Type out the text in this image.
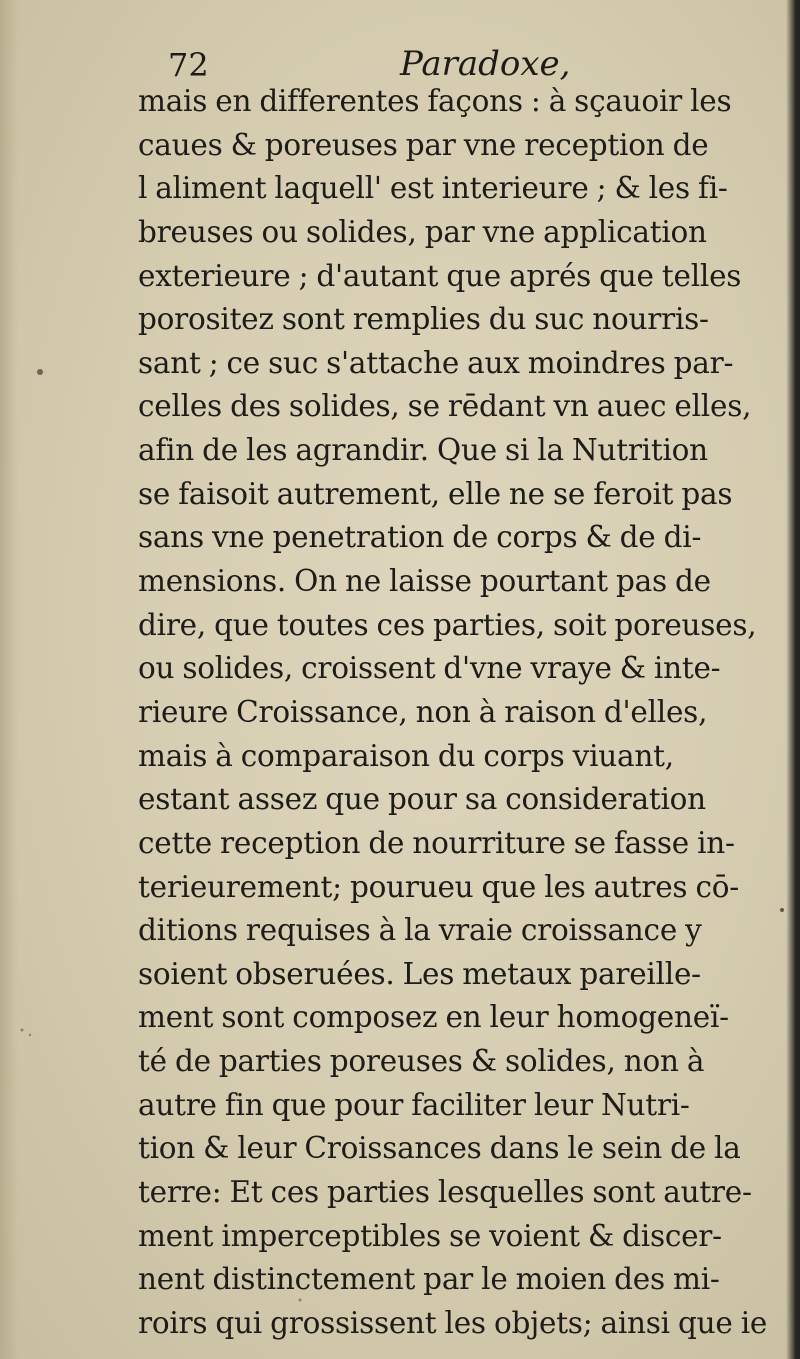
72	Paradoxe,
mais en differentes façons : à sçauoir les
caues & poreuses par vne reception de
l aliment laquell' est interieure ; & les fi-
breuses ou solides, par vne application
exterieure ; d'autant que aprés que telles
porositez sont remplies du suc nourris-
sant ; ce suc s'attache aux moindres par-
celles des solides, se rēdant vn auec elles,
afin de les agrandir. Que si la Nutrition
se faisoit autrement, elle ne se feroit pas
sans vne penetration de corps & de di-
mensions. On ne laisse pourtant pas de
dire, que toutes ces parties, soit poreuses,
ou solides, croissent d'vne vraye & inte-
rieure Croissance, non à raison d'elles,
mais à comparaison du corps viuant,
estant assez que pour sa consideration
cette reception de nourriture se fasse in-
terieurement; pourueu que les autres cō-
ditions requises à la vraie croissance y
soient obseruées. Les metaux pareille-
ment sont composez en leur homogeneï-
té de parties poreuses & solides, non à
autre fin que pour faciliter leur Nutri-
tion & leur Croissances dans le sein de la
terre: Et ces parties lesquelles sont autre-
ment imperceptibles se voient & discer-
nent distinctement par le moien des mi-
roirs qui grossissent les objets; ainsi que ie
